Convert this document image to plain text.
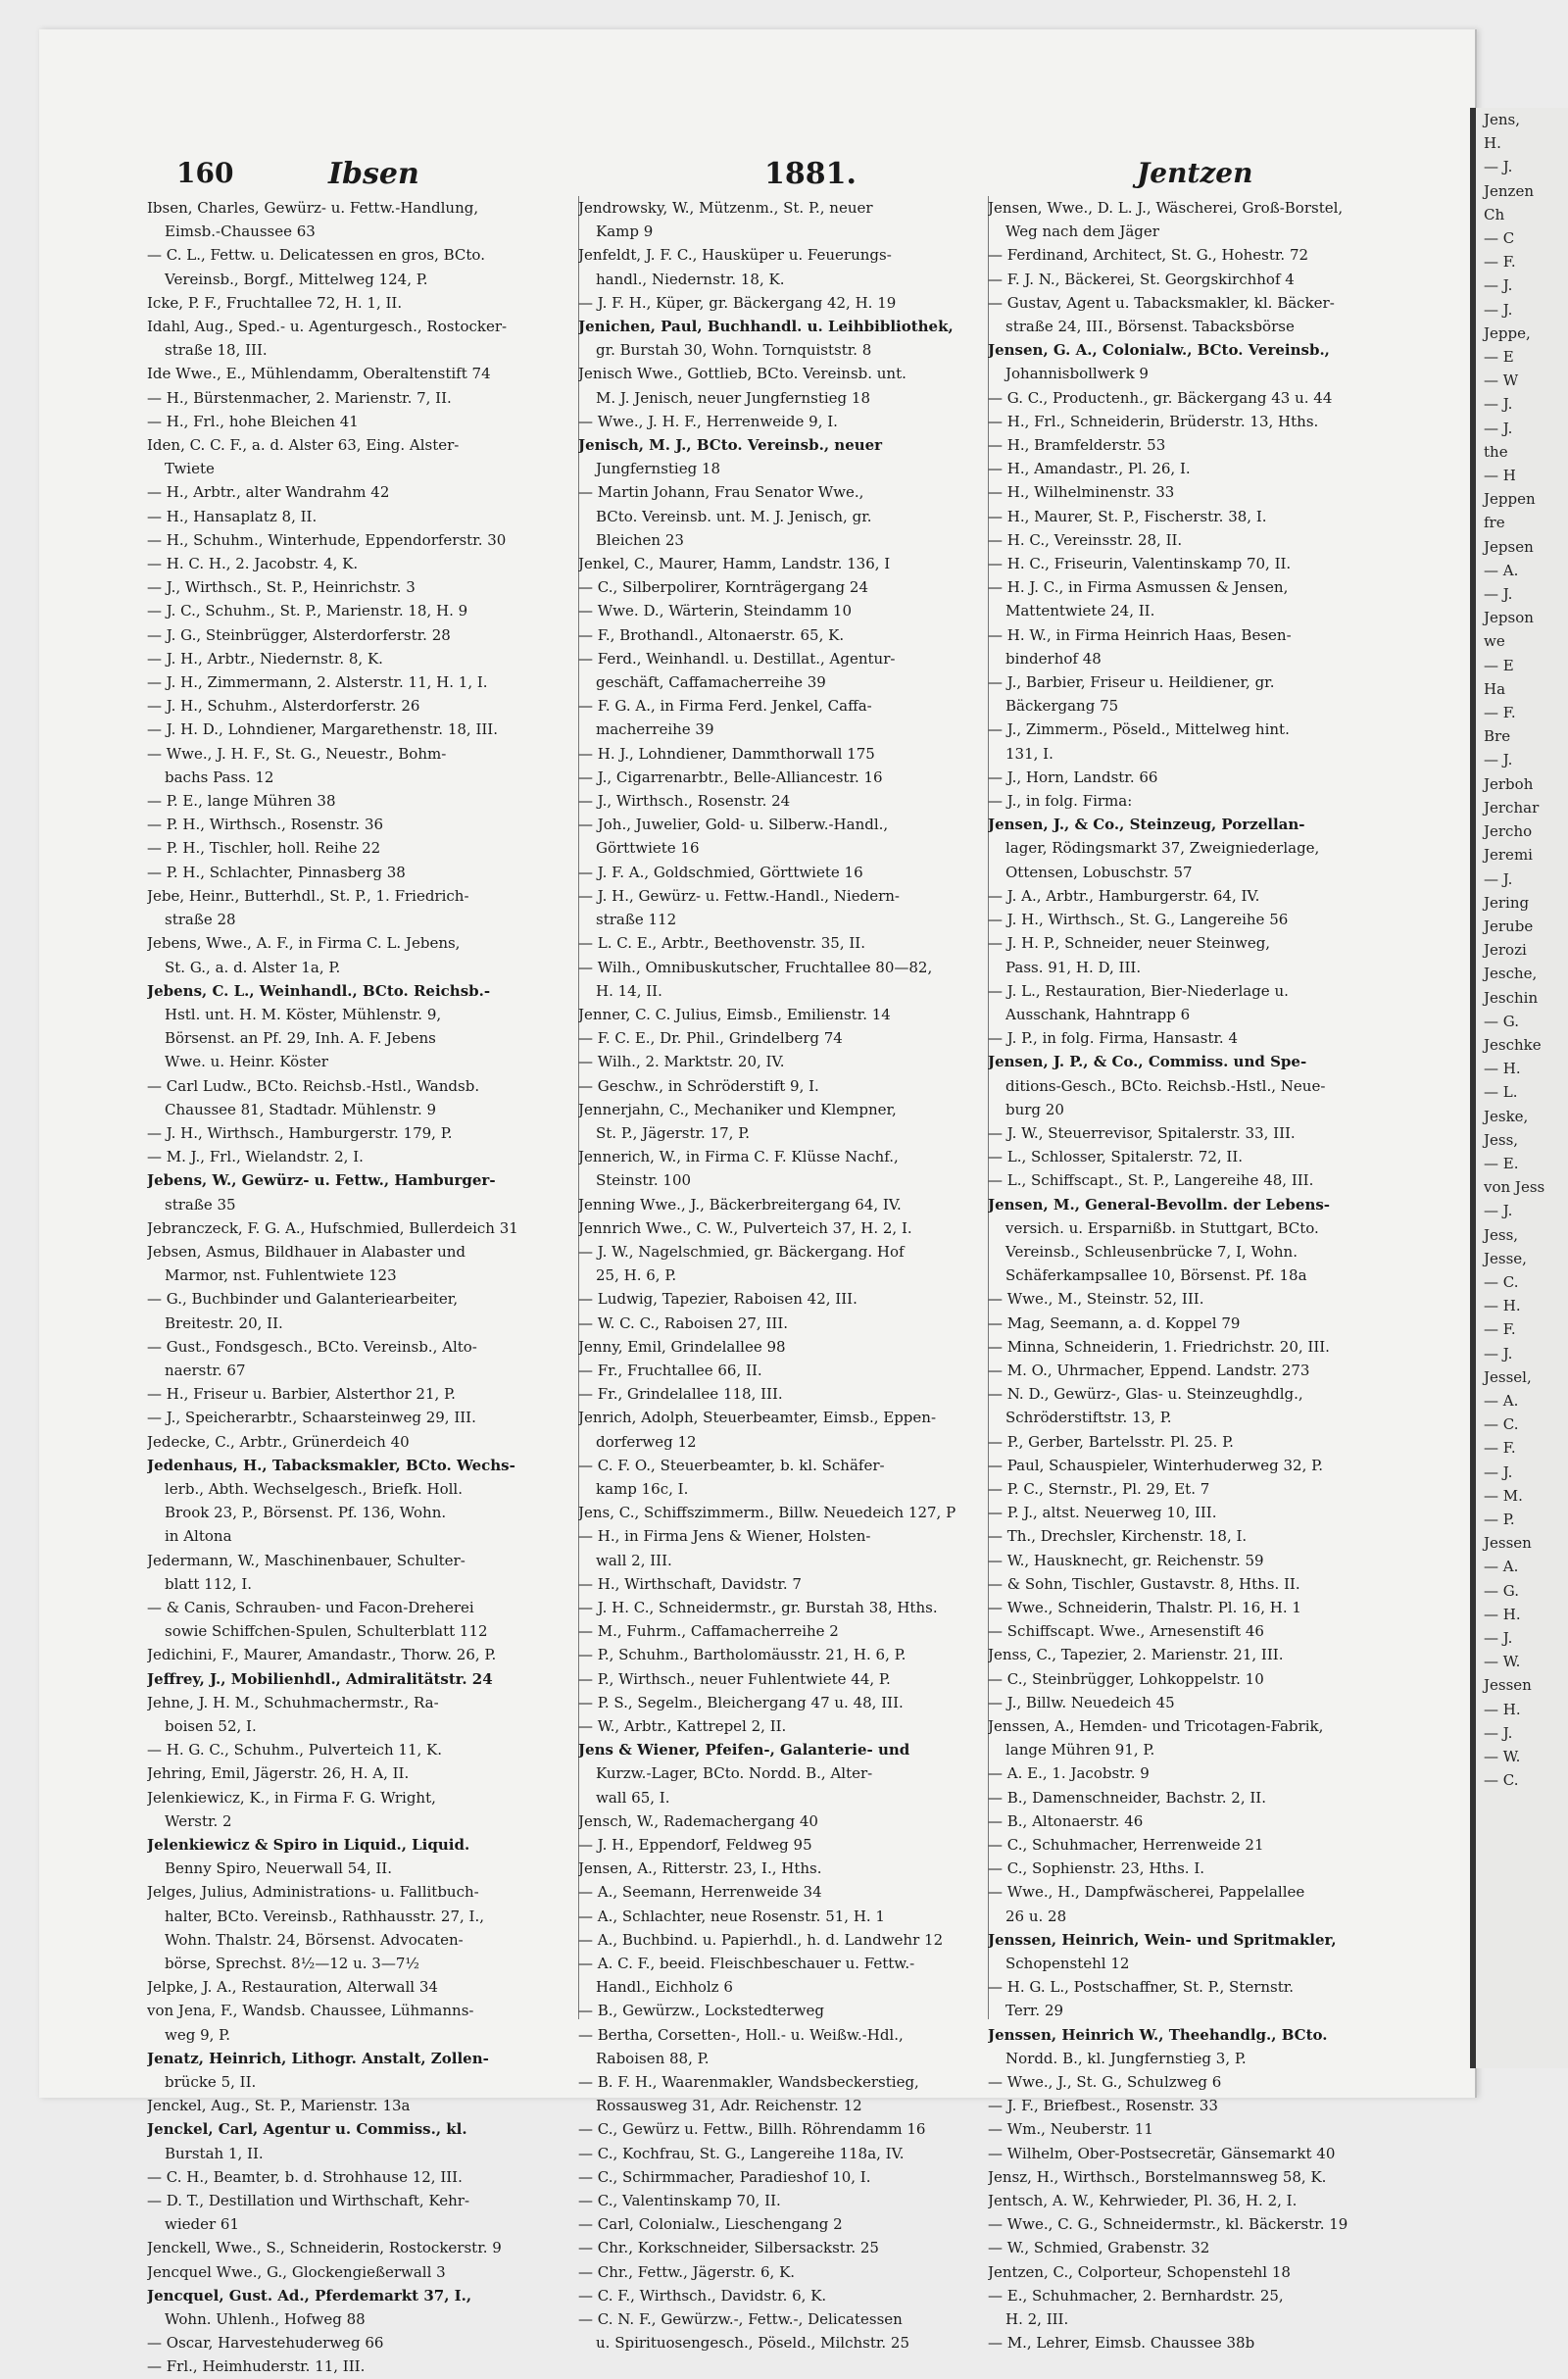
Jens,
H.
— J.
Jenzen
Ch
— C
— F.
— J.
— J.
Jeppe,
— E
— W
— J.
— J.
the
— H
Jeppen
fre
Jepsen
— A.
— J.
Jepson
we
— E
Ha
— F.
Bre
— J.
Jerboh
Jerchar
Jercho
Jeremi
— J.
Jering
Jerube
Jerozi
Jesche,
Jeschin
— G.
Jeschke
— H.
— L.
Jeske,
Jess,
— E.
von Jess
— J.
Jess,
Jesse,
— C.
— H.
— F.
— J.
Jessel,
— A.
— C.
— F.
— J.
— M.
— P.
Jessen
— A.
— G.
— H.
— J.
— W.
Jessen
— H.
— J.
— W.
— C.
160	Ibsen	1881.	Jentzen
Ibsen, Charles, Gewürz- u. Fettw.-Handlung,
Eimsb.-Chaussee 63
— C. L., Fettw. u. Delicatessen en gros, BCto.
Vereinsb., Borgf., Mittelweg 124, P.
Icke, P. F., Fruchtallee 72, H. 1, II.
Idahl, Aug., Sped.- u. Agenturgesch., Rostocker-
straße 18, III.
Ide Wwe., E., Mühlendamm, Oberaltenstift 74
— H., Bürstenmacher, 2. Marienstr. 7, II.
— H., Frl., hohe Bleichen 41
Iden, C. C. F., a. d. Alster 63, Eing. Alster-
Twiete
— H., Arbtr., alter Wandrahm 42
— H., Hansaplatz 8, II.
— H., Schuhm., Winterhude, Eppendorferstr. 30
— H. C. H., 2. Jacobstr. 4, K.
— J., Wirthsch., St. P., Heinrichstr. 3
— J. C., Schuhm., St. P., Marienstr. 18, H. 9
— J. G., Steinbrügger, Alsterdorferstr. 28
— J. H., Arbtr., Niedernstr. 8, K.
— J. H., Zimmermann, 2. Alsterstr. 11, H. 1, I.
— J. H., Schuhm., Alsterdorferstr. 26
— J. H. D., Lohndiener, Margarethenstr. 18, III.
— Wwe., J. H. F., St. G., Neuestr., Bohm-
bachs Pass. 12
— P. E., lange Mühren 38
— P. H., Wirthsch., Rosenstr. 36
— P. H., Tischler, holl. Reihe 22
— P. H., Schlachter, Pinnasberg 38
Jebe, Heinr., Butterhdl., St. P., 1. Friedrich-
straße 28
Jebens, Wwe., A. F., in Firma C. L. Jebens,
St. G., a. d. Alster 1a, P.
Jebens, C. L., Weinhandl., BCto. Reichsb.-
Hstl. unt. H. M. Köster, Mühlenstr. 9,
Börsenst. an Pf. 29, Inh. A. F. Jebens
Wwe. u. Heinr. Köster
— Carl Ludw., BCto. Reichsb.-Hstl., Wandsb.
Chaussee 81, Stadtadr. Mühlenstr. 9
— J. H., Wirthsch., Hamburgerstr. 179, P.
— M. J., Frl., Wielandstr. 2, I.
Jebens, W., Gewürz- u. Fettw., Hamburger-
straße 35
Jebranczeck, F. G. A., Hufschmied, Bullerdeich 31
Jebsen, Asmus, Bildhauer in Alabaster und
Marmor, nst. Fuhlentwiete 123
— G., Buchbinder und Galanteriearbeiter,
Breitestr. 20, II.
— Gust., Fondsgesch., BCto. Vereinsb., Alto-
naerstr. 67
— H., Friseur u. Barbier, Alsterthor 21, P.
— J., Speicherarbtr., Schaarsteinweg 29, III.
Jedecke, C., Arbtr., Grünerdeich 40
Jedenhaus, H., Tabacksmakler, BCto. Wechs-
lerb., Abth. Wechselgesch., Briefk. Holl.
Brook 23, P., Börsenst. Pf. 136, Wohn.
in Altona
Jedermann, W., Maschinenbauer, Schulter-
blatt 112, I.
— & Canis, Schrauben- und Facon-Dreherei
sowie Schiffchen-Spulen, Schulterblatt 112
Jedichini, F., Maurer, Amandastr., Thorw. 26, P.
Jeffrey, J., Mobilienhdl., Admiralitätstr. 24
Jehne, J. H. M., Schuhmachermstr., Ra-
boisen 52, I.
— H. G. C., Schuhm., Pulverteich 11, K.
Jehring, Emil, Jägerstr. 26, H. A, II.
Jelenkiewicz, K., in Firma F. G. Wright,
Werstr. 2
Jelenkiewicz & Spiro in Liquid., Liquid.
Benny Spiro, Neuerwall 54, II.
Jelges, Julius, Administrations- u. Fallitbuch-
halter, BCto. Vereinsb., Rathhausstr. 27, I.,
Wohn. Thalstr. 24, Börsenst. Advocaten-
börse, Sprechst. 8½—12 u. 3—7½
Jelpke, J. A., Restauration, Alterwall 34
von Jena, F., Wandsb. Chaussee, Lühmanns-
weg 9, P.
Jenatz, Heinrich, Lithogr. Anstalt, Zollen-
brücke 5, II.
Jenckel, Aug., St. P., Marienstr. 13a
Jenckel, Carl, Agentur u. Commiss., kl.
Burstah 1, II.
— C. H., Beamter, b. d. Strohhause 12, III.
— D. T., Destillation und Wirthschaft, Kehr-
wieder 61
Jenckell, Wwe., S., Schneiderin, Rostockerstr. 9
Jencquel Wwe., G., Glockengießerwall 3
Jencquel, Gust. Ad., Pferdemarkt 37, I.,
Wohn. Uhlenh., Hofweg 88
— Oscar, Harvestehuderweg 66
— Frl., Heimhuderstr. 11, III.
Jendrowsky, W., Mützenm., St. P., neuer
Kamp 9
Jenfeldt, J. F. C., Hausküper u. Feuerungs-
handl., Niedernstr. 18, K.
— J. F. H., Küper, gr. Bäckergang 42, H. 19
Jenichen, Paul, Buchhandl. u. Leihbibliothek,
gr. Burstah 30, Wohn. Tornquiststr. 8
Jenisch Wwe., Gottlieb, BCto. Vereinsb. unt.
M. J. Jenisch, neuer Jungfernstieg 18
— Wwe., J. H. F., Herrenweide 9, I.
Jenisch, M. J., BCto. Vereinsb., neuer
Jungfernstieg 18
— Martin Johann, Frau Senator Wwe.,
BCto. Vereinsb. unt. M. J. Jenisch, gr.
Bleichen 23
Jenkel, C., Maurer, Hamm, Landstr. 136, I
— C., Silberpolirer, Kornträgergang 24
— Wwe. D., Wärterin, Steindamm 10
— F., Brothandl., Altonaerstr. 65, K.
— Ferd., Weinhandl. u. Destillat., Agentur-
geschäft, Caffamacherreihe 39
— F. G. A., in Firma Ferd. Jenkel, Caffa-
macherreihe 39
— H. J., Lohndiener, Dammthorwall 175
— J., Cigarrenarbtr., Belle-Alliancestr. 16
— J., Wirthsch., Rosenstr. 24
— Joh., Juwelier, Gold- u. Silberw.-Handl.,
Görttwiete 16
— J. F. A., Goldschmied, Görttwiete 16
— J. H., Gewürz- u. Fettw.-Handl., Niedern-
straße 112
— L. C. E., Arbtr., Beethovenstr. 35, II.
— Wilh., Omnibuskutscher, Fruchtallee 80—82,
H. 14, II.
Jenner, C. C. Julius, Eimsb., Emilienstr. 14
— F. C. E., Dr. Phil., Grindelberg 74
— Wilh., 2. Marktstr. 20, IV.
— Geschw., in Schröderstift 9, I.
Jennerjahn, C., Mechaniker und Klempner,
St. P., Jägerstr. 17, P.
Jennerich, W., in Firma C. F. Klüsse Nachf.,
Steinstr. 100
Jenning Wwe., J., Bäckerbreitergang 64, IV.
Jennrich Wwe., C. W., Pulverteich 37, H. 2, I.
— J. W., Nagelschmied, gr. Bäckergang. Hof
25, H. 6, P.
— Ludwig, Tapezier, Raboisen 42, III.
— W. C. C., Raboisen 27, III.
Jenny, Emil, Grindelallee 98
— Fr., Fruchtallee 66, II.
— Fr., Grindelallee 118, III.
Jenrich, Adolph, Steuerbeamter, Eimsb., Eppen-
dorferweg 12
— C. F. O., Steuerbeamter, b. kl. Schäfer-
kamp 16c, I.
Jens, C., Schiffszimmerm., Billw. Neuedeich 127, P
— H., in Firma Jens & Wiener, Holsten-
wall 2, III.
— H., Wirthschaft, Davidstr. 7
— J. H. C., Schneidermstr., gr. Burstah 38, Hths.
— M., Fuhrm., Caffamacherreihe 2
— P., Schuhm., Bartholomäusstr. 21, H. 6, P.
— P., Wirthsch., neuer Fuhlentwiete 44, P.
— P. S., Segelm., Bleichergang 47 u. 48, III.
— W., Arbtr., Kattrepel 2, II.
Jens & Wiener, Pfeifen-, Galanterie- und
Kurzw.-Lager, BCto. Nordd. B., Alter-
wall 65, I.
Jensch, W., Rademachergang 40
— J. H., Eppendorf, Feldweg 95
Jensen, A., Ritterstr. 23, I., Hths.
— A., Seemann, Herrenweide 34
— A., Schlachter, neue Rosenstr. 51, H. 1
— A., Buchbind. u. Papierhdl., h. d. Landwehr 12
— A. C. F., beeid. Fleischbeschauer u. Fettw.-
Handl., Eichholz 6
— B., Gewürzw., Lockstedterweg
— Bertha, Corsetten-, Holl.- u. Weißw.-Hdl.,
Raboisen 88, P.
— B. F. H., Waarenmakler, Wandsbeckerstieg,
Rossausweg 31, Adr. Reichenstr. 12
— C., Gewürz u. Fettw., Billh. Röhrendamm 16
— C., Kochfrau, St. G., Langereihe 118a, IV.
— C., Schirmmacher, Paradieshof 10, I.
— C., Valentinskamp 70, II.
— Carl, Colonialw., Lieschengang 2
— Chr., Korkschneider, Silbersackstr. 25
— Chr., Fettw., Jägerstr. 6, K.
— C. F., Wirthsch., Davidstr. 6, K.
— C. N. F., Gewürzw.-, Fettw.-, Delicatessen
u. Spirituosengesch., Pöseld., Milchstr. 25
Jensen, Wwe., D. L. J., Wäscherei, Groß-Borstel,
Weg nach dem Jäger
— Ferdinand, Architect, St. G., Hohestr. 72
— F. J. N., Bäckerei, St. Georgskirchhof 4
— Gustav, Agent u. Tabacksmakler, kl. Bäcker-
straße 24, III., Börsenst. Tabacksbörse
Jensen, G. A., Colonialw., BCto. Vereinsb.,
Johannisbollwerk 9
— G. C., Productenh., gr. Bäckergang 43 u. 44
— H., Frl., Schneiderin, Brüderstr. 13, Hths.
— H., Bramfelderstr. 53
— H., Amandastr., Pl. 26, I.
— H., Wilhelminenstr. 33
— H., Maurer, St. P., Fischerstr. 38, I.
— H. C., Vereinsstr. 28, II.
— H. C., Friseurin, Valentinskamp 70, II.
— H. J. C., in Firma Asmussen & Jensen,
Mattentwiete 24, II.
— H. W., in Firma Heinrich Haas, Besen-
binderhof 48
— J., Barbier, Friseur u. Heildiener, gr.
Bäckergang 75
— J., Zimmerm., Pöseld., Mittelweg hint.
131, I.
— J., Horn, Landstr. 66
— J., in folg. Firma:
Jensen, J., & Co., Steinzeug, Porzellan-
lager, Rödingsmarkt 37, Zweigniederlage,
Ottensen, Lobuschstr. 57
— J. A., Arbtr., Hamburgerstr. 64, IV.
— J. H., Wirthsch., St. G., Langereihe 56
— J. H. P., Schneider, neuer Steinweg,
Pass. 91, H. D, III.
— J. L., Restauration, Bier-Niederlage u.
Ausschank, Hahntrapp 6
— J. P., in folg. Firma, Hansastr. 4
Jensen, J. P., & Co., Commiss. und Spe-
ditions-Gesch., BCto. Reichsb.-Hstl., Neue-
burg 20
— J. W., Steuerrevisor, Spitalerstr. 33, III.
— L., Schlosser, Spitalerstr. 72, II.
— L., Schiffscapt., St. P., Langereihe 48, III.
Jensen, M., General-Bevollm. der Lebens-
versich. u. Ersparnißb. in Stuttgart, BCto.
Vereinsb., Schleusenbrücke 7, I, Wohn.
Schäferkampsallee 10, Börsenst. Pf. 18a
— Wwe., M., Steinstr. 52, III.
— Mag, Seemann, a. d. Koppel 79
— Minna, Schneiderin, 1. Friedrichstr. 20, III.
— M. O., Uhrmacher, Eppend. Landstr. 273
— N. D., Gewürz-, Glas- u. Steinzeughdlg.,
Schröderstiftstr. 13, P.
— P., Gerber, Bartelsstr. Pl. 25. P.
— Paul, Schauspieler, Winterhuderweg 32, P.
— P. C., Sternstr., Pl. 29, Et. 7
— P. J., altst. Neuerweg 10, III.
— Th., Drechsler, Kirchenstr. 18, I.
— W., Hausknecht, gr. Reichenstr. 59
— & Sohn, Tischler, Gustavstr. 8, Hths. II.
— Wwe., Schneiderin, Thalstr. Pl. 16, H. 1
— Schiffscapt. Wwe., Arnesenstift 46
Jenss, C., Tapezier, 2. Marienstr. 21, III.
— C., Steinbrügger, Lohkoppelstr. 10
— J., Billw. Neuedeich 45
Jenssen, A., Hemden- und Tricotagen-Fabrik,
lange Mühren 91, P.
— A. E., 1. Jacobstr. 9
— B., Damenschneider, Bachstr. 2, II.
— B., Altonaerstr. 46
— C., Schuhmacher, Herrenweide 21
— C., Sophienstr. 23, Hths. I.
— Wwe., H., Dampfwäscherei, Pappelallee
26 u. 28
Jenssen, Heinrich, Wein- und Spritmakler,
Schopenstehl 12
— H. G. L., Postschaffner, St. P., Sternstr.
Terr. 29
Jenssen, Heinrich W., Theehandlg., BCto.
Nordd. B., kl. Jungfernstieg 3, P.
— Wwe., J., St. G., Schulzweg 6
— J. F., Briefbest., Rosenstr. 33
— Wm., Neuberstr. 11
— Wilhelm, Ober-Postsecretär, Gänsemarkt 40
Jensz, H., Wirthsch., Borstelmannsweg 58, K.
Jentsch, A. W., Kehrwieder, Pl. 36, H. 2, I.
— Wwe., C. G., Schneidermstr., kl. Bäckerstr. 19
— W., Schmied, Grabenstr. 32
Jentzen, C., Colporteur, Schopenstehl 18
— E., Schuhmacher, 2. Bernhardstr. 25,
H. 2, III.
— M., Lehrer, Eimsb. Chaussee 38b
